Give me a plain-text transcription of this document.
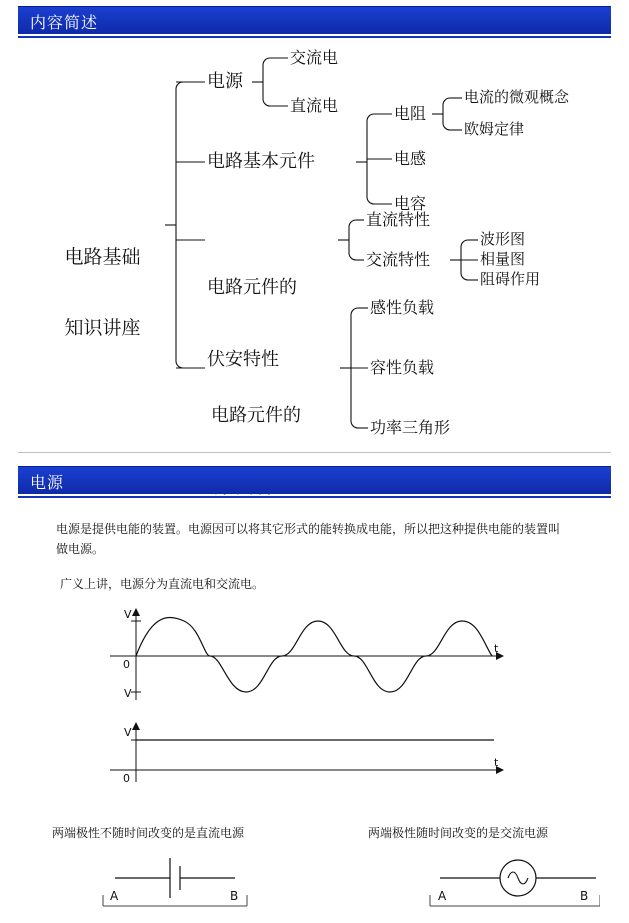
内容简述

电路基础

知识讲座

电源
交流电
直流电
电路基本元件
电阻
电感
电容
电流的微观概念
欧姆定律

电路元件的

伏安特性

直流特性
交流特性
波形图
相量图
阻碍作用

电路元件的

感性负载
容性负载
功率三角形
电源
电源是提供电能的装置。电源因可以将其它形式的能转换成电能，所以把这种提供电能的装置叫做电源。
广义上讲，电源分为直流电和交流电。
V
V
0
t
V
0
t
两端极性不随时间改变的是直流电源	两端极性随时间改变的是交流电源
A	B	A	B
